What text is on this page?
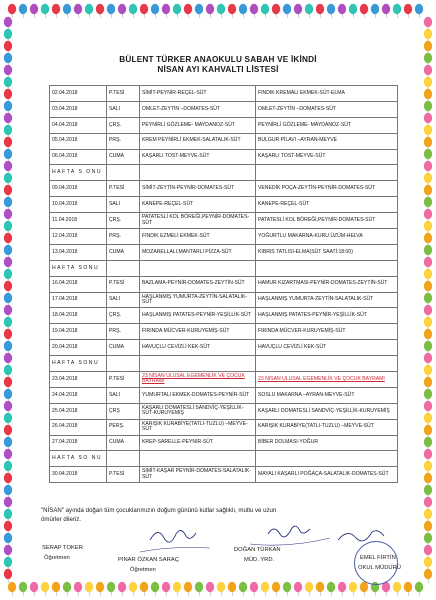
BÜLENT TÜRKER ANAOKULU SABAH VE İKİNDİ
NİSAN AYI KAHVALTI LİSTESİ
02.04.2018	P.TESİ	SİMİT-PEYNİR-REÇEL-SÜT	FINDIK KREMALI EKMEK-SÜT-ELMA
03.04.2018	SALI	OMLET-ZEYTİN –DOMATES-SÜT	OMLET-ZEYTİN –DOMATES-SÜT
04.04.2018	ÇRŞ.	PEYNİRLİ GÖZLEME- MAYDANOZ-SÜT	PEYNİRLİ GÖZLEME- MAYDANOZ-SÜT
05.04.2018	PRŞ.	KREM PEYNİRLİ EKMEK-SALATALIK-SÜT	BULGUR PİLAVI –AYRAN-MEYVE
06.04.2018	CUMA	KAŞARLI TOST-MEYVE-SÜT	KAŞARLI TOST-MEYVE-SÜT
HAFTA S ONU			
09.04.2018	P.TESİ	SİMİT-ZEYTİN-PEYNİR-DOMATES-SÜT	VENEDİK POÇA-ZEYTİN-PEYNİR-DOMATES-SÜT
10.04.2018	SALI	KANEPE-REÇEL-SÜT	KANEPE-REÇEL-SÜT
11.04.2018	ÇRŞ.	PATATESLİ KOL BÖREĞİ,PEYNİR-DOMATES-SÜT	PATATESLİ KOL BÖREĞİ,PEYNİR-DOMATES-SÜT
12.04.2018	PRŞ.	FINDIK EZMELİ EKMEK-SÜT	YOĞURTLU MAKARNA-KURU ÜZÜM-HELVA
13.04.2018	CUMA	MOZARELLALI,MANTARLI PİZZA-SÜT	KIBRIS TATLISI-ELMA(SÜT SAATİ:18:00)
HAFTA SONU			
16.04.2018	P.TESİ	BAZLAMA-PEYNİR-DOMATES-ZEYTİN-SÜT	HAMUR KIZARTMASI-PEYNİR-DOMATES-ZEYTİN-SÜT
17.04.2018	SALI	HAŞLANMIŞ YUMURTA-ZEYTİN-SALATALIK-SÜT	HAŞLANMIŞ YUMURTA-ZEYTİN-SALATALIK-SÜT
18.04.2018	ÇRŞ.	HAŞLANMIŞ PATATES-PEYNİR-YEŞİLLİK-SÜT	HAŞLANMIŞ PATATES-PEYNİR-YEŞİLLİK-SÜT
19.04.2018	PRŞ.	FIRINDA MÜCVER-KURUYEMİŞ-SÜT	FIRINDA MÜCVER-KURUYEMİŞ-SÜT
20.04.2018	CUMA	HAVUÇLU CEVİZLİ KEK-SÜT	HAVUÇLU CEVİZLİ KEK-SÜT
HAFTA SONU			
23.04.2018	P.TESİ	23 NİSAN ULUSAL EGEMENLİK VE ÇOCUK BAYRAMI	23 NİSAN ULUSAL EGEMENLİK VE ÇOCUK BAYRAMI
24.04.2018	SALI	YUMURTALI EKMEK-DOMATES-PEYNİR-SÜT	SOSLU MAKARNA –AYRAN-MEYVE-SÜT
25.04.2018	ÇRŞ	KAŞARLI DOMATESLİ SANDVİÇ-YEŞİLLİK-SÜT-KURUYEMİŞ	KAŞARLI DOMATESLİ SANDVİÇ-YEŞİLLİK-KURUYEMİŞ
26.04.2018	PERŞ.	KARIŞIK KURABİYE(TATLI-TUZLU) –MEYVE-SÜT	KARIŞIK KURABİYE(TATLI-TUZLU) –MEYVE-SÜT
27.04.2018	CUMA	KREP-SARELLE-PEYNİR-SÜT	BİBER DOLMASI-YOĞUR
HAFTA SO NU			
30.04.2018	P.TESİ	SİMİT-KAŞAR PEYNİR-DOMATES-SALATALIK-SÜT	MAYALI KAŞARLI POĞAÇA-SALATALIK-DOMATES-SÜT
"NİSAN" ayında doğan tüm çocuklarımızın doğum gününü kutlar sağlıklı, mutlu ve uzun
ömürler dileriz.
SERAP TOKER
Öğretmen	PINAR ÖZKAN SARAÇ
Öğretmen
DOĞAN TÜRKAN
MÜD. YRD.	EMEL FİRTİN
OKUL MÜDÜRÜ
